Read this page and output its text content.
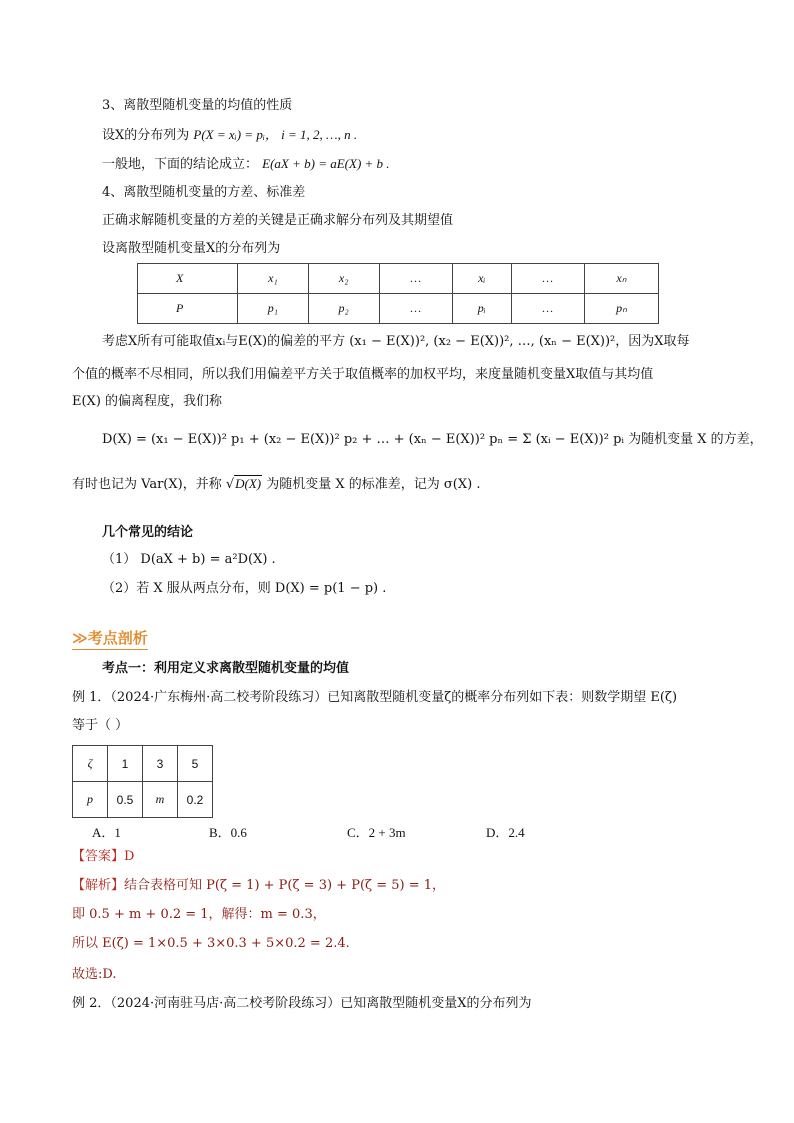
3、离散型随机变量的均值的性质
设X的分布列为 P(X = xᵢ) = pᵢ， i = 1, 2, …, n .
一般地，下面的结论成立： E(aX + b) = aE(X) + b .
4、离散型随机变量的方差、标准差
正确求解随机变量的方差的关键是正确求解分布列及其期望值
设离散型随机变量X的分布列为
X	x₁	x₂	…	xᵢ	…	xₙ
P	p₁	p₂	…	pᵢ	…	pₙ
考虑X所有可能取值xᵢ与E(X)的偏差的平方 (x₁ − E(X))², (x₂ − E(X))², …, (xₙ − E(X))²，因为X取每
个值的概率不尽相同，所以我们用偏差平方关于取值概率的加权平均，来度量随机变量X取值与其均值
E(X) 的偏离程度，我们称
D(X) = (x₁ − E(X))² p₁ + (x₂ − E(X))² p₂ + … + (xₙ − E(X))² pₙ = Σ (xᵢ − E(X))² pᵢ 为随机变量 X 的方差，
有时也记为 Var(X)，并称 √D(X) 为随机变量 X 的标准差，记为 σ(X) .
几个常见的结论
（1） D(aX + b) = a²D(X) .
（2）若 X 服从两点分布，则 D(X) = p(1 − p) .
≫考点剖析
考点一：利用定义求离散型随机变量的均值
例 1．（2024·广东梅州·高二校考阶段练习）已知离散型随机变量ζ的概率分布列如下表：则数学期望 E(ζ)
等于（ ）
ζ	1	3	5
p	0.5	m	0.2
A．1	B．0.6	C．2 + 3m	D．2.4
【答案】D
【解析】结合表格可知 P(ζ = 1) + P(ζ = 3) + P(ζ = 5) = 1，
即 0.5 + m + 0.2 = 1，解得：m = 0.3，
所以 E(ζ) = 1×0.5 + 3×0.3 + 5×0.2 = 2.4.
故选:D.
例 2．（2024·河南驻马店·高二校考阶段练习）已知离散型随机变量X的分布列为
